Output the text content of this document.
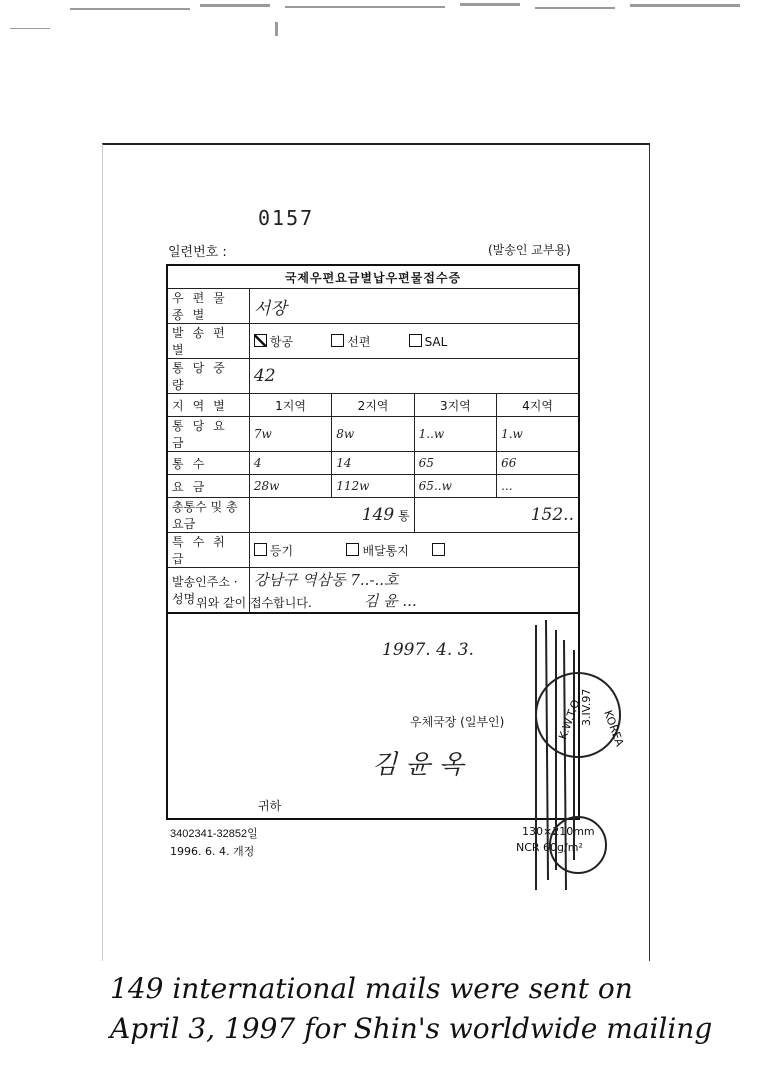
0157
일련번호 :	(발송인 교부용)
국제우편요금별납우편물접수증				
우편물종별	서장			
발송편별	항공 선편 SAL			
통당중량	42			
지역별	1지역	2지역	3지역	4지역
통당요금	7w	8w	1..w	1.w
통수	4	14	65	66
요금	28w	112w	65..w	...
총통수 및 총요금	149 통		152..	
특수취급	등기 배달통지			
발송인주소 · 성명	강남구 역삼동 7..-..호
김 윤 ...			
위와 같이 접수합니다.
1997. 4. 3.
우체국장 (일부인)
김 윤 옥
귀하
3402341-32852일
1996. 6. 4. 개정
130×210mm
NCR 60g/m²
K.W.T.O
3.IV.97
KOREA
149 international mails were sent on
April 3, 1997 for Shin's worldwide mailing
